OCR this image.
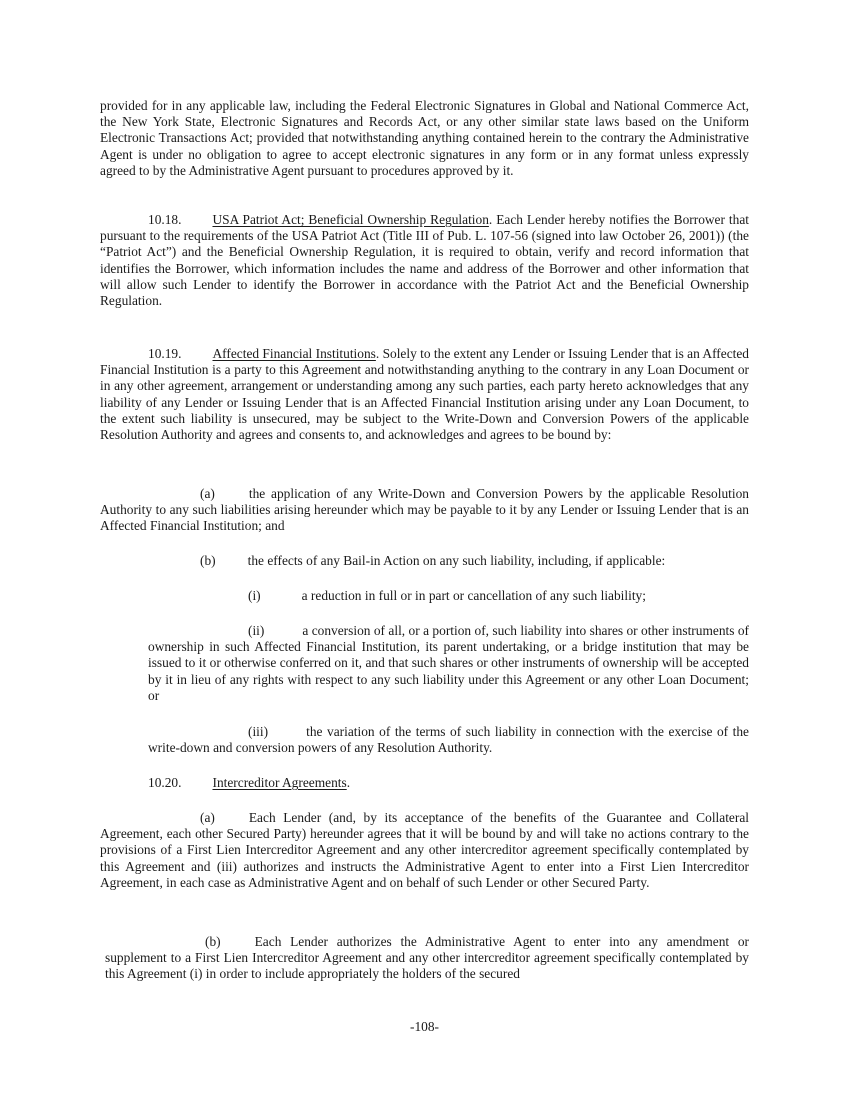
provided for in any applicable law, including the Federal Electronic Signatures in Global and National Commerce Act, the New York State, Electronic Signatures and Records Act, or any other similar state laws based on the Uniform Electronic Transactions Act; provided that notwithstanding anything contained herein to the contrary the Administrative Agent is under no obligation to agree to accept electronic signatures in any form or in any format unless expressly agreed to by the Administrative Agent pursuant to procedures approved by it.

10.18. USA Patriot Act; Beneficial Ownership Regulation. Each Lender hereby notifies the Borrower that pursuant to the requirements of the USA Patriot Act (Title III of Pub. L. 107-56 (signed into law October 26, 2001)) (the “Patriot Act”) and the Beneficial Ownership Regulation, it is required to obtain, verify and record information that identifies the Borrower, which information includes the name and address of the Borrower and other information that will allow such Lender to identify the Borrower in accordance with the Patriot Act and the Beneficial Ownership Regulation.

10.19. Affected Financial Institutions. Solely to the extent any Lender or Issuing Lender that is an Affected Financial Institution is a party to this Agreement and notwithstanding anything to the contrary in any Loan Document or in any other agreement, arrangement or understanding among any such parties, each party hereto acknowledges that any liability of any Lender or Issuing Lender that is an Affected Financial Institution arising under any Loan Document, to the extent such liability is unsecured, may be subject to the Write-Down and Conversion Powers of the applicable Resolution Authority and agrees and consents to, and acknowledges and agrees to be bound by:

(a)	the application of any Write-Down and Conversion Powers by the applicable Resolution Authority to any such liabilities arising hereunder which may be payable to it by any Lender or Issuing Lender that is an Affected Financial Institution; and

(b) the effects of any Bail-in Action on any such liability, including, if applicable:

(i)	a reduction in full or in part or cancellation of any such liability;

(ii)	a conversion of all, or a portion of, such liability into shares or other instruments of ownership in such Affected Financial Institution, its parent undertaking, or a bridge institution that may be issued to it or otherwise conferred on it, and that such shares or other instruments of ownership will be accepted by it in lieu of any rights with respect to any such liability under this Agreement or any other Loan Document; or

(iii)	the variation of the terms of such liability in connection with the exercise of the write-down and conversion powers of any Resolution Authority.

10.20. Intercreditor Agreements.

(a)	Each Lender (and, by its acceptance of the benefits of the Guarantee and Collateral Agreement, each other Secured Party) hereunder agrees that it will be bound by and will take no actions contrary to the provisions of a First Lien Intercreditor Agreement and any other intercreditor agreement specifically contemplated by this Agreement and (iii) authorizes and instructs the Administrative Agent to enter into a First Lien Intercreditor Agreement, in each case as Administrative Agent and on behalf of such Lender or other Secured Party.

(b)	Each Lender authorizes the Administrative Agent to enter into any amendment or supplement to a First Lien Intercreditor Agreement and any other intercreditor agreement specifically contemplated by this Agreement (i) in order to include appropriately the holders of the secured

-108-
